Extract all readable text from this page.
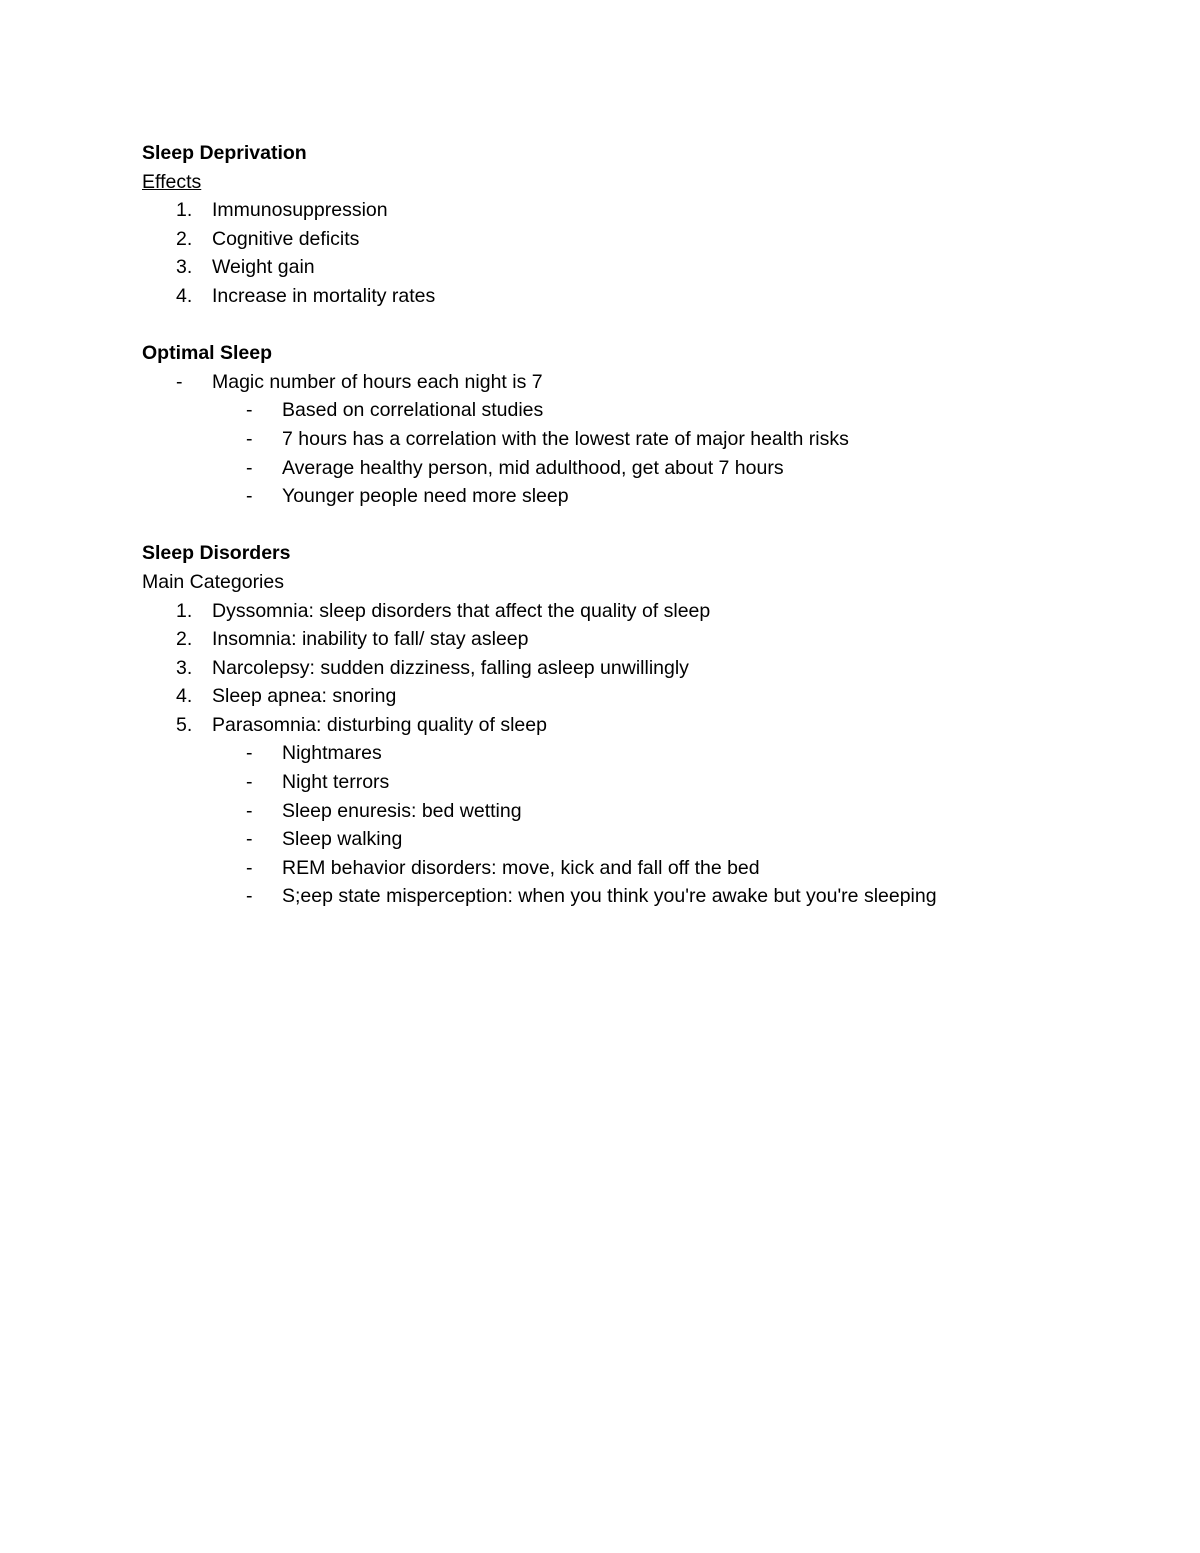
Sleep Deprivation
Effects
1. Immunosuppression
2. Cognitive deficits
3. Weight gain
4. Increase in mortality rates
Optimal Sleep
- Magic number of hours each night is 7
- Based on correlational studies
- 7 hours has a correlation with the lowest rate of major health risks
- Average healthy person, mid adulthood, get about 7 hours
- Younger people need more sleep
Sleep Disorders
Main Categories
1. Dyssomnia: sleep disorders that affect the quality of sleep
2. Insomnia: inability to fall/ stay asleep
3. Narcolepsy: sudden dizziness, falling asleep unwillingly
4. Sleep apnea: snoring
5. Parasomnia: disturbing quality of sleep
- Nightmares
- Night terrors
- Sleep enuresis: bed wetting
- Sleep walking
- REM behavior disorders: move, kick and fall off the bed
- S;eep state misperception: when you think you're awake but you're sleeping
